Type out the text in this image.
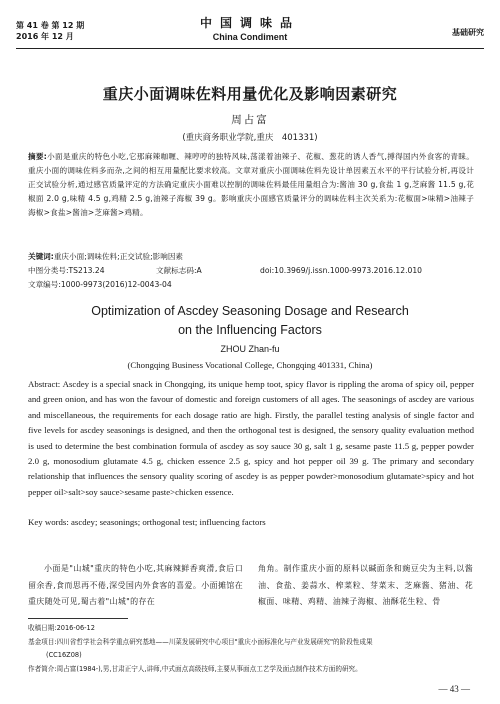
第 41 卷 第 12 期
2016 年 12 月
中国调味品
China Condiment	基础研究
重庆小面调味佐料用量优化及影响因素研究
周占富
(重庆商务职业学院,重庆　401331)
摘要:小面是重庆的特色小吃,它那麻辣咖喱、辣哼哼的独特风味,荡漾着油辣子、花椒、葱花的诱人香气,搏得国内外食客的青睐。重庆小面的调味佐料多而杂,之间的相互用量配比要求较高。文章对重庆小面调味佐料先设计单因素五水平的平行试验分析,再设计正交试验分析,通过感官质量评定的方法确定重庆小面难以控制的调味佐料最佳用量组合为:酱油 30 g,食盐 1 g,芝麻酱 11.5 g,花椒面 2.0 g,味精 4.5 g,鸡精 2.5 g,油辣子海椒 39 g。影响重庆小面感官质量评分的调味佐料主次关系为:花椒面>味精>油辣子海椒>食盐>酱油>芝麻酱>鸡精。
关键词:重庆小面;调味佐料;正交试验;影响因素
中图分类号:TS213.24	文献标志码:A	doi:10.3969/j.issn.1000-9973.2016.12.010
文章编号:1000-9973(2016)12-0043-04
Optimization of Ascdey Seasoning Dosage and Research
on the Influencing Factors
ZHOU Zhan-fu
(Chongqing Business Vocational College, Chongqing 401331, China)
Abstract: Ascdey is a special snack in Chongqing, its unique hemp toot, spicy flavor is rippling the aroma of spicy oil, pepper and green onion, and has won the favour of domestic and foreign customers of all ages. The seasonings of ascdey are various and miscellaneous, the requirements for each dosage ratio are high. Firstly, the parallel testing analysis of single factor and five levels for ascdey seasonings is designed, and then the orthogonal test is designed, the sensory quality evaluation method is used to determine the best combination formula of ascdey as soy sauce 30 g, salt 1 g, sesame paste 11.5 g, pepper powder 2.0 g, monosodium glutamate 4.5 g, chicken essence 2.5 g, spicy and hot pepper oil 39 g. The primary and secondary relationship that influences the sensory quality scoring of ascdey is as pepper powder>monosodium glutamate>spicy and hot pepper oil>salt>soy sauce>sesame paste>chicken essence.
Key words: ascdey; seasonings; orthogonal test; influencing factors
小面是"山城"重庆的特色小吃,其麻辣鲜香爽滑,食后口留余香,食而思再不倦,深受国内外食客的喜爱。小面摊馆在重庆随处可见,蜀古着"山城"的存在
角角。制作重庆小面的原料以碱面条和豌豆尖为主料,以酱油、食盐、姜蒜水、榨菜粒、芽菜末、芝麻酱、猪油、花椒面、味精、鸡精、油辣子海椒、油酥花生粒、骨
收稿日期:2016-06-12
基金项目:四川省哲学社会科学重点研究基地——川菜发展研究中心项目"重庆小面标准化与产业发展研究"的阶段性成果
(CC16Z08)
作者简介:周占富(1984-),男,甘肃正宁人,讲师,中式面点高级技师,主要从事面点工艺学及面点制作技术方面的研究。
— 43 —
